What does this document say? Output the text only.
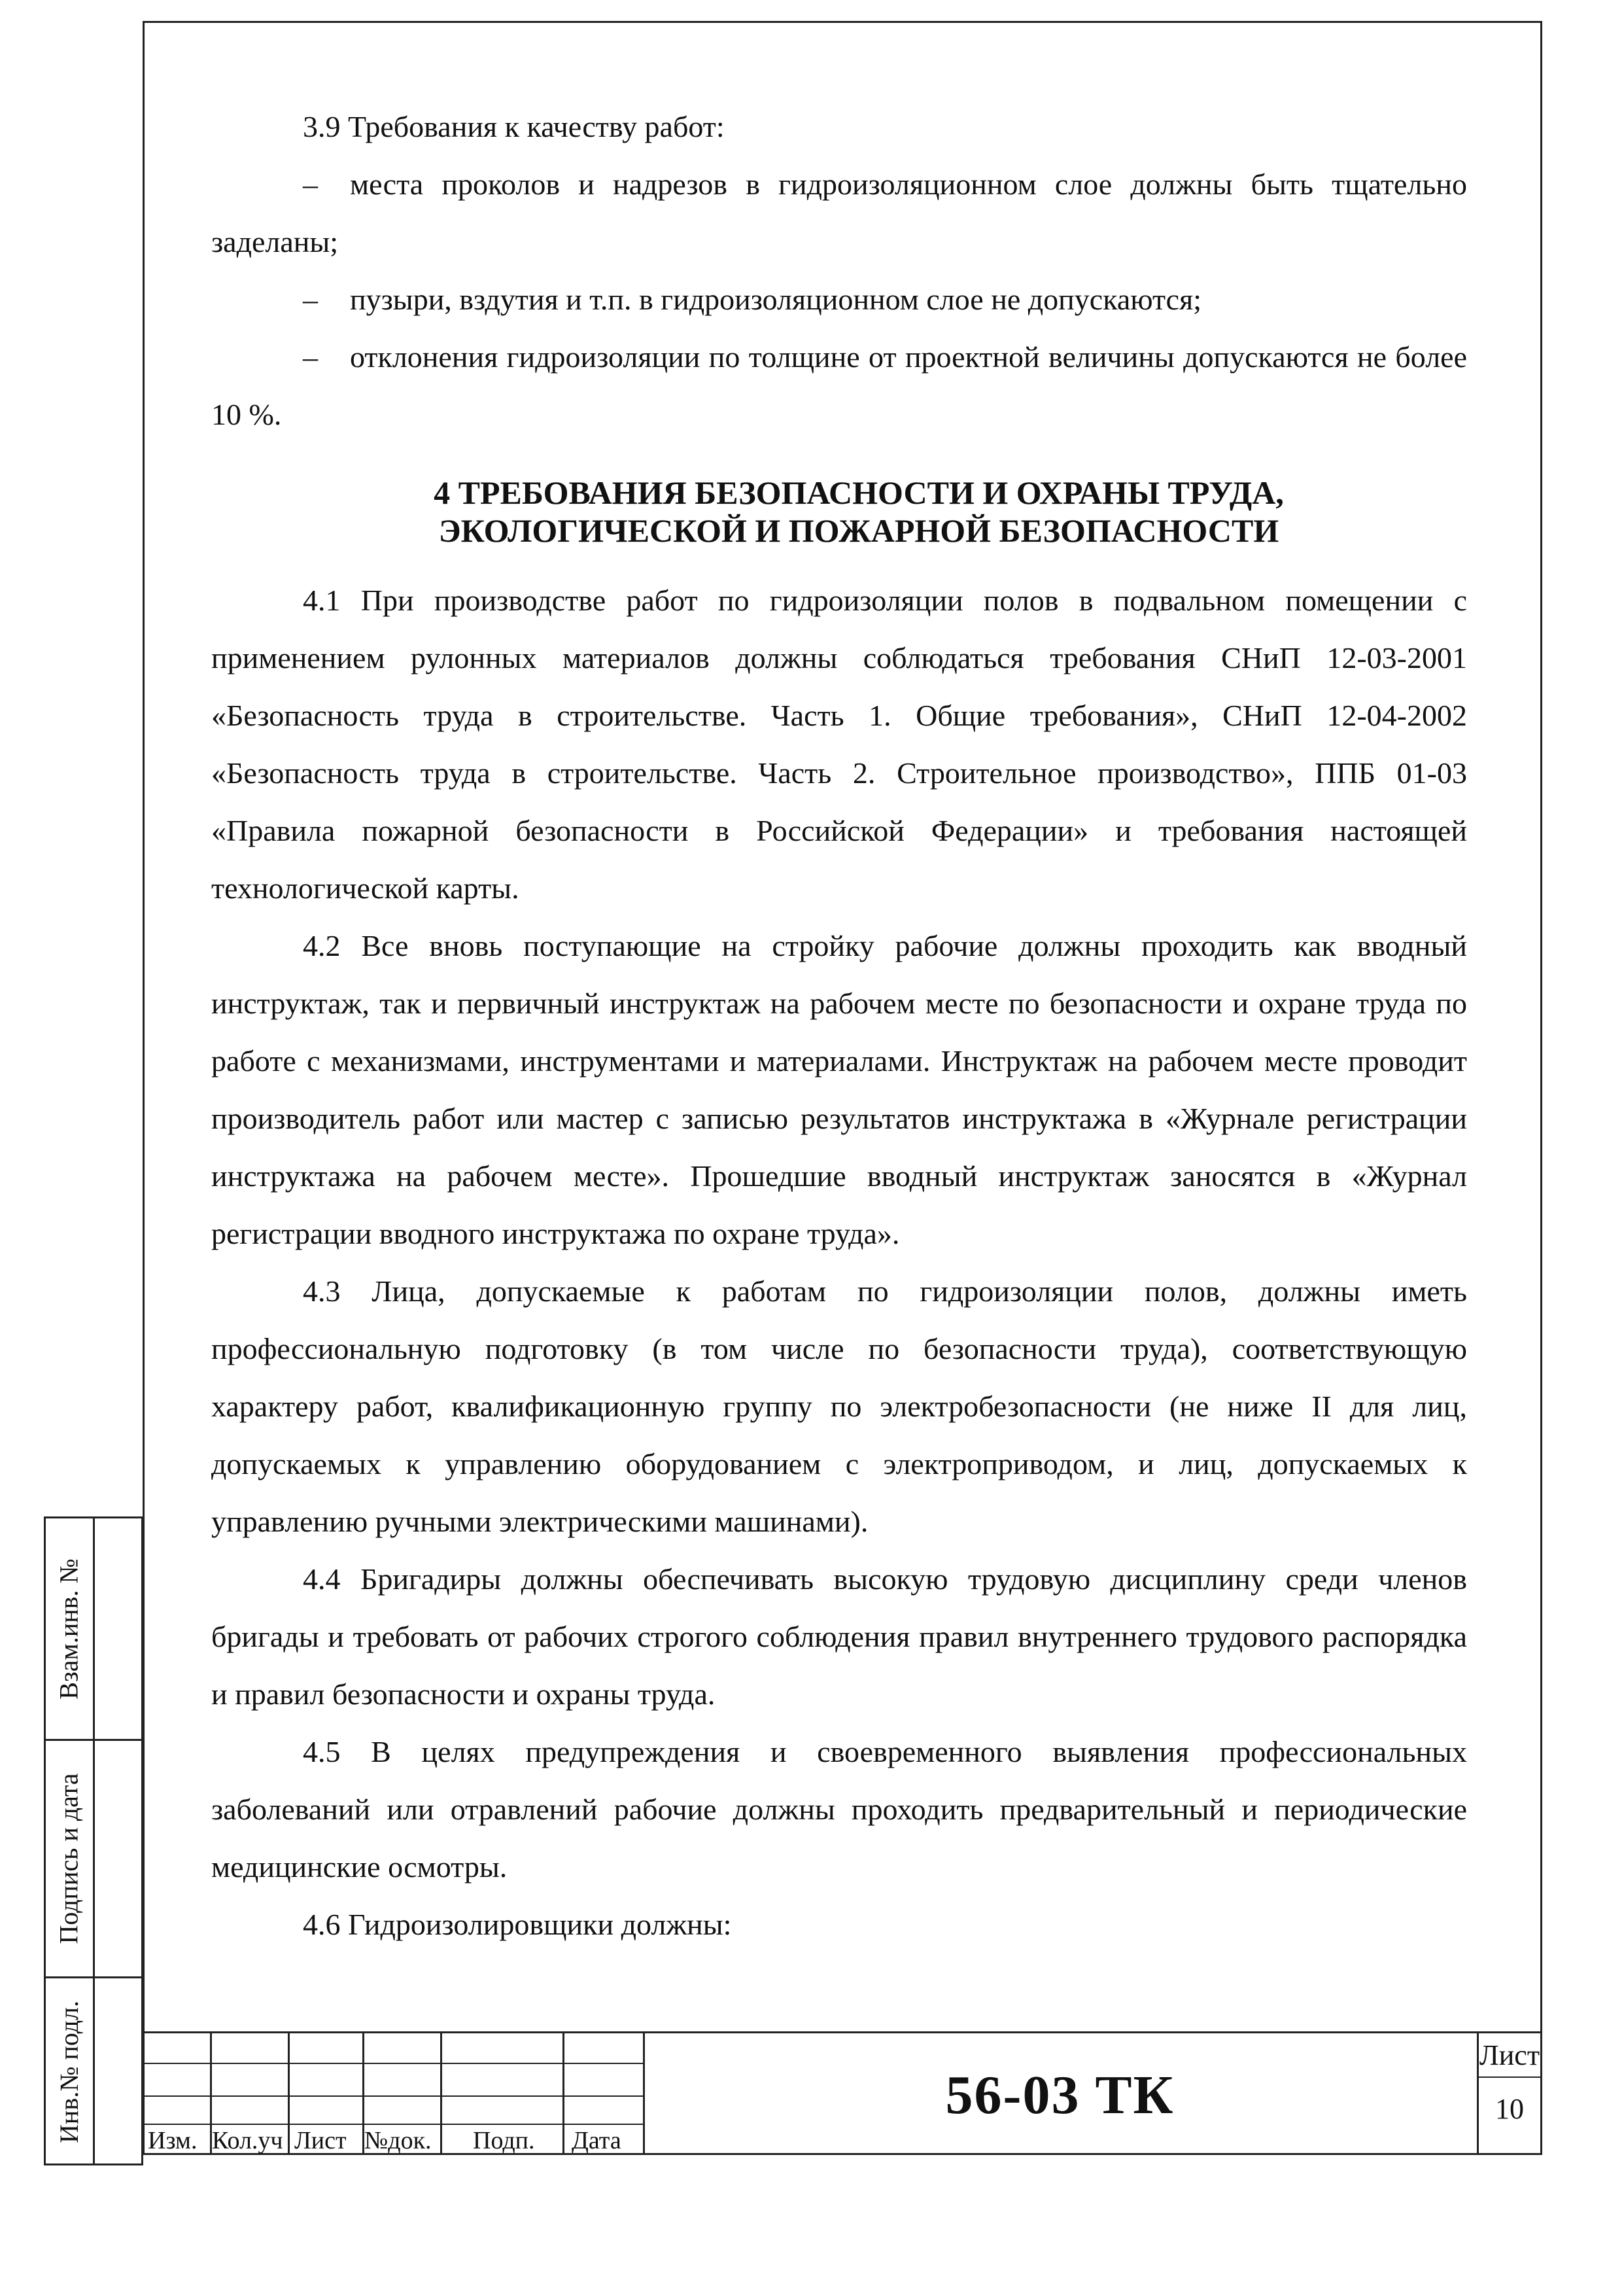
3.9 Требования к качеству работ:

– места проколов и надрезов в гидроизоляционном слое должны быть тщательно заделаны;

– пузыри, вздутия и т.п. в гидроизоляционном слое не допускаются;

– отклонения гидроизоляции по толщине от проектной величины допускаются не более 10 %.

4 ТРЕБОВАНИЯ БЕЗОПАСНОСТИ И ОХРАНЫ ТРУДА,
ЭКОЛОГИЧЕСКОЙ И ПОЖАРНОЙ БЕЗОПАСНОСТИ

4.1 При производстве работ по гидроизоляции полов в подвальном помещении с применением рулонных материалов должны соблюдаться требования СНиП 12-03-2001 «Безопасность труда в строительстве. Часть 1. Общие требования», СНиП 12-04-2002 «Безопасность труда в строительстве. Часть 2. Строительное производство», ППБ 01-03 «Правила пожарной безопасности в Российской Федерации» и требования настоящей технологической карты.

4.2 Все вновь поступающие на стройку рабочие должны проходить как вводный инструктаж, так и первичный инструктаж на рабочем месте по безопасности и охране труда по работе с механизмами, инструментами и материалами. Инструктаж на рабочем месте проводит производитель работ или мастер с записью результатов инструктажа в «Журнале регистрации инструктажа на рабочем месте». Прошедшие вводный инструктаж заносятся в «Журнал регистрации вводного инструктажа по охране труда».

4.3 Лица, допускаемые к работам по гидроизоляции полов, должны иметь профессиональную подготовку (в том числе по безопасности труда), соответствующую характеру работ, квалификационную группу по электробезопасности (не ниже II для лиц, допускаемых к управлению оборудованием с электроприводом, и лиц, допускаемых к управлению ручными электрическими машинами).

4.4 Бригадиры должны обеспечивать высокую трудовую дисциплину среди членов бригады и требовать от рабочих строгого соблюдения правил внутреннего трудового распорядка и правил безопасности и охраны труда.

4.5 В целях предупреждения и своевременного выявления профессиональных заболеваний или отравлений рабочие должны проходить предварительный и периодические медицинские осмотры.

4.6 Гидроизолировщики должны:

Взам.инв. №
Подпись и дата
Инв.№ подл.	Изм. Кол.уч Лист №док. Подп. Дата
56-03 ТК
Лист
10
